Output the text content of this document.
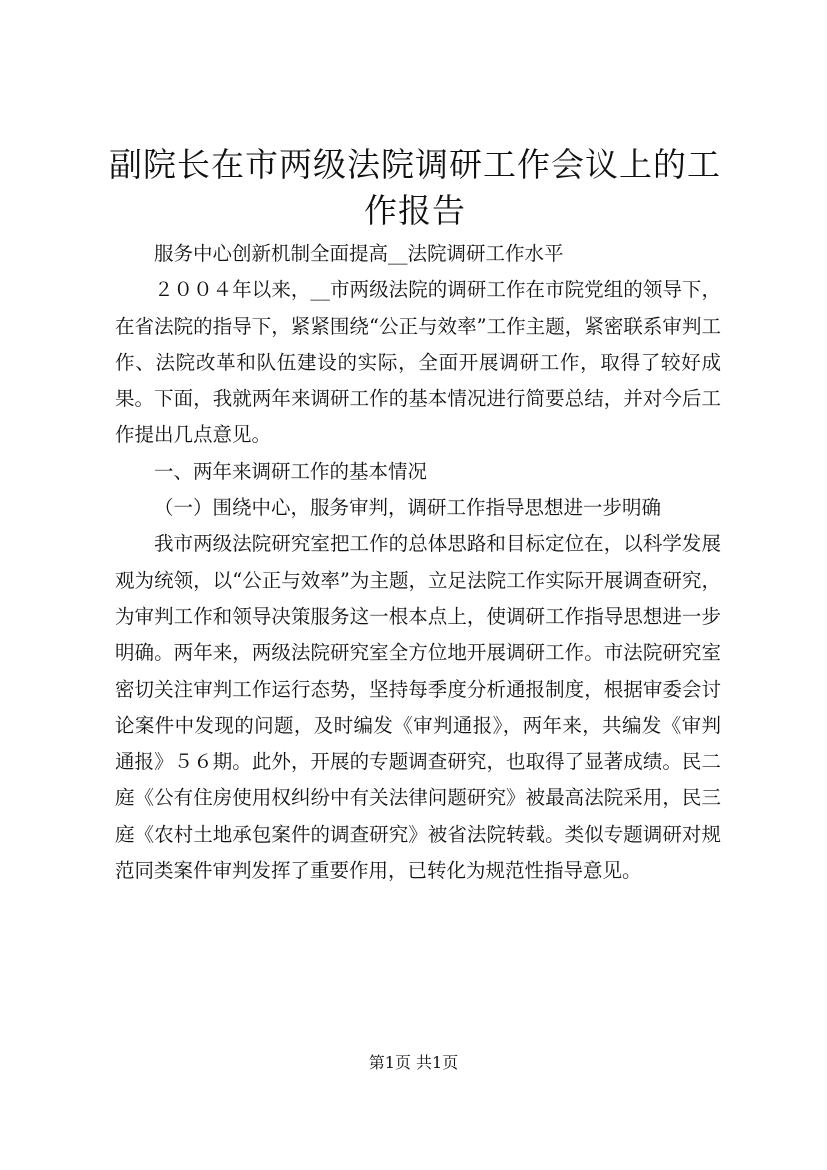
副院长在市两级法院调研工作会议上的工作报告

服务中心创新机制全面提高__法院调研工作水平

２００４年以来，__市两级法院的调研工作在市院党组的领导下，在省法院的指导下，紧紧围绕“公正与效率”工作主题，紧密联系审判工作、法院改革和队伍建设的实际，全面开展调研工作，取得了较好成果。下面，我就两年来调研工作的基本情况进行简要总结，并对今后工作提出几点意见。

一、两年来调研工作的基本情况

（一）围绕中心，服务审判，调研工作指导思想进一步明确

我市两级法院研究室把工作的总体思路和目标定位在，以科学发展观为统领，以“公正与效率”为主题，立足法院工作实际开展调查研究，为审判工作和领导决策服务这一根本点上，使调研工作指导思想进一步明确。两年来，两级法院研究室全方位地开展调研工作。市法院研究室密切关注审判工作运行态势，坚持每季度分析通报制度，根据审委会讨论案件中发现的问题，及时编发《审判通报》，两年来，共编发《审判通报》５６期。此外，开展的专题调查研究，也取得了显著成绩。民二庭《公有住房使用权纠纷中有关法律问题研究》被最高法院采用，民三庭《农村土地承包案件的调查研究》被省法院转载。类似专题调研对规范同类案件审判发挥了重要作用，已转化为规范性指导意见。

第1页 共1页
